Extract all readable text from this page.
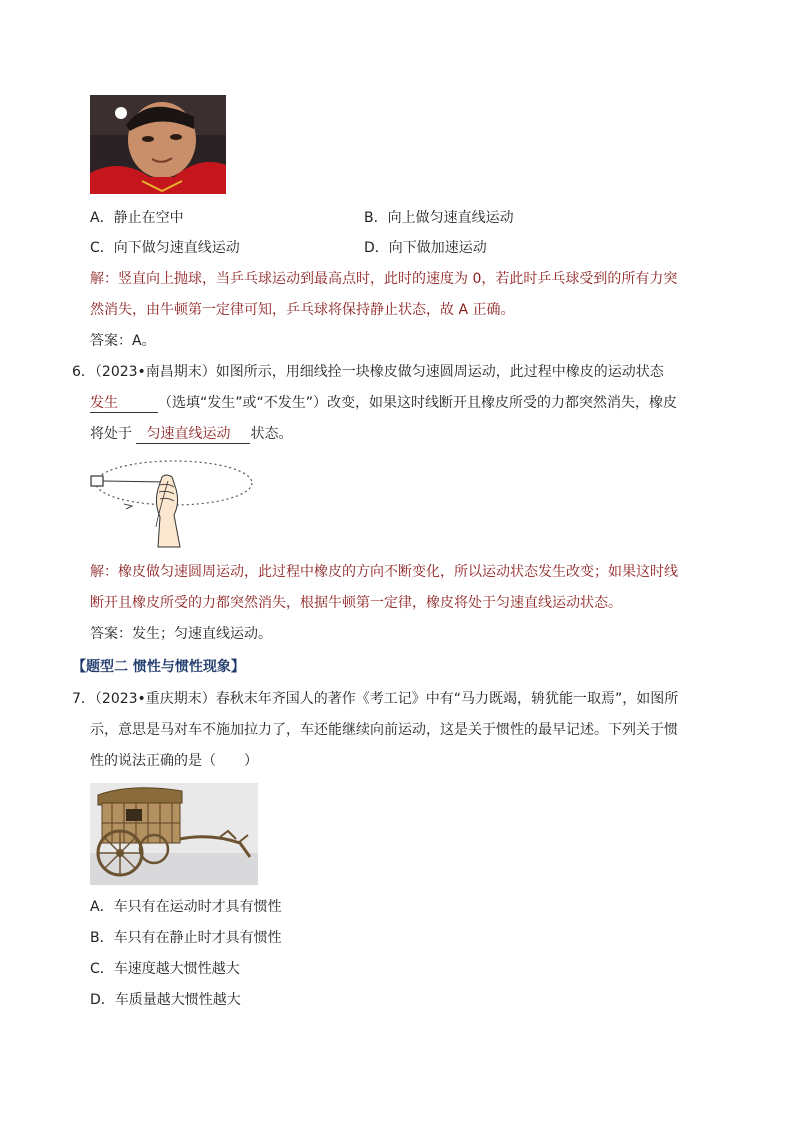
A．静止在空中	B．向上做匀速直线运动
C．向下做匀速直线运动	D．向下做加速运动
解：竖直向上抛球，当乒乓球运动到最高点时，此时的速度为 0，若此时乒乓球受到的所有力突
然消失，由牛顿第一定律可知，乒乓球将保持静止状态，故 A 正确。
答案：A。
6．（2023•南昌期末）如图所示，用细线拴一块橡皮做匀速圆周运动，此过程中橡皮的运动状态
发生	（选填“发生”或“不发生”）改变，如果这时线断开且橡皮所受的力都突然消失，橡皮
将处于 匀速直线运动 状态。
解：橡皮做匀速圆周运动，此过程中橡皮的方向不断变化，所以运动状态发生改变；如果这时线
断开且橡皮所受的力都突然消失，根据牛顿第一定律，橡皮将处于匀速直线运动状态。
答案：发生；匀速直线运动。
【题型二 惯性与惯性现象】
7．（2023•重庆期末）春秋末年齐国人的著作《考工记》中有“马力既竭，辀犹能一取焉”，如图所
示，意思是马对车不施加拉力了，车还能继续向前运动，这是关于惯性的最早记述。下列关于惯
性的说法正确的是（　　）
A．车只有在运动时才具有惯性
B．车只有在静止时才具有惯性
C．车速度越大惯性越大
D．车质量越大惯性越大
